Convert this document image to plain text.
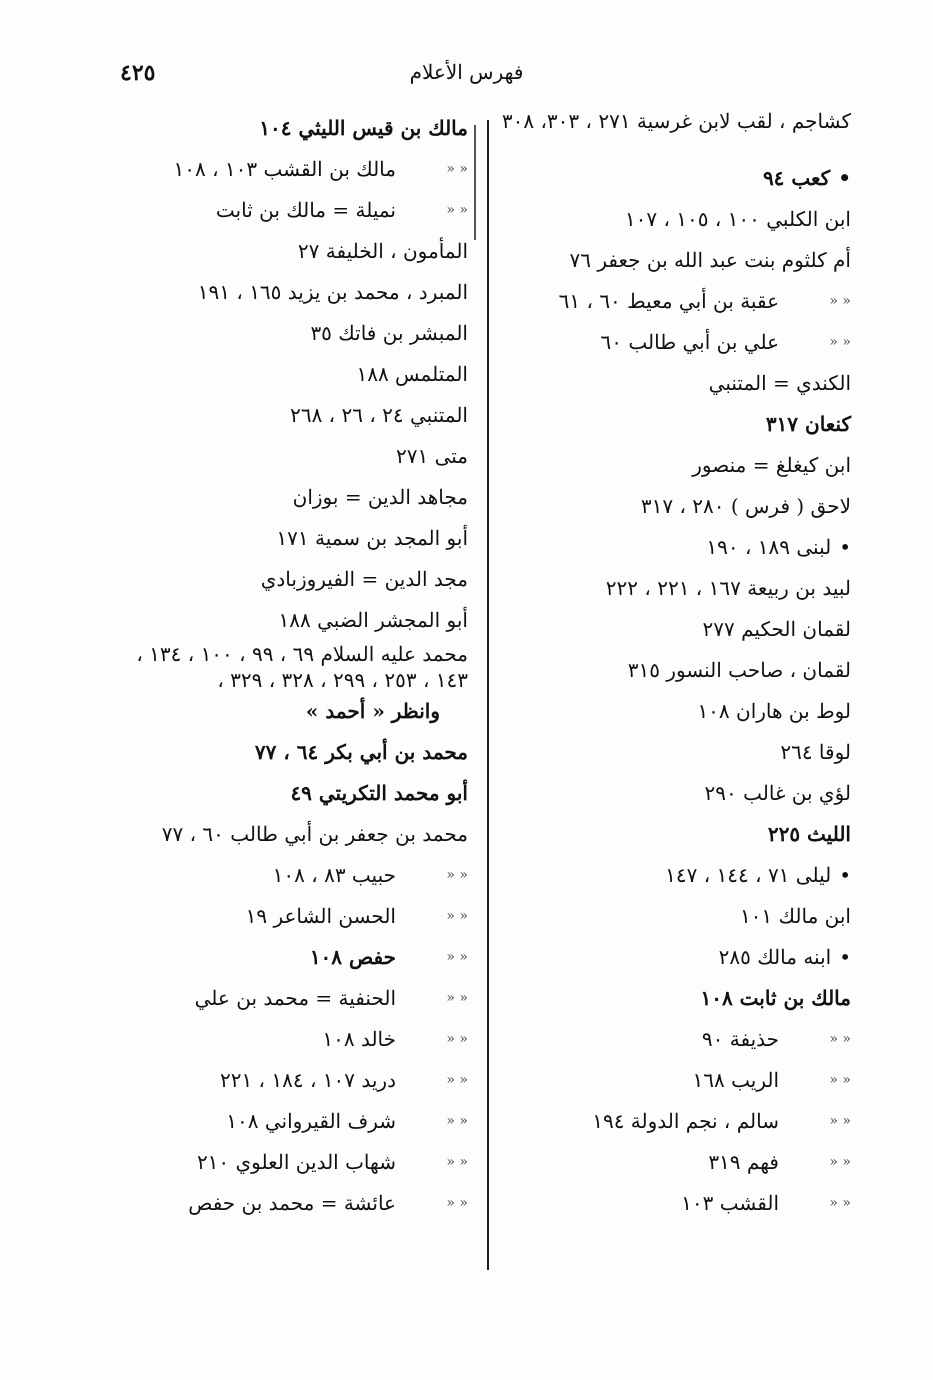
فهرس الأعلام
٤٢٥
كشاجم ، لقب لابن غرسية ٢٧١ ، ٣٠٣، ٣٠٨
• كعب ٩٤
ابن الكلبي ١٠٠ ، ١٠٥ ، ١٠٧
أم كلثوم بنت عبد الله بن جعفر ٧٦
« « عقبة بن أبي معيط ٦٠ ، ٦١
« « علي بن أبي طالب ٦٠
الكندي = المتنبي
كنعان ٣١٧
ابن كيغلغ = منصور
لاحق ( فرس ) ٢٨٠ ، ٣١٧
• لبنى ١٨٩ ، ١٩٠
لبيد بن ربيعة ١٦٧ ، ٢٢١ ، ٢٢٢
لقمان الحكيم ٢٧٧
لقمان ، صاحب النسور ٣١٥
لوط بن هاران ١٠٨
لوقا ٢٦٤
لؤي بن غالب ٢٩٠
الليث ٢٢٥
• ليلى ٧١ ، ١٤٤ ، ١٤٧
ابن مالك ١٠١
• ابنه مالك ٢٨٥
مالك بن ثابت ١٠٨
« « حذيفة ٩٠
« « الريب ١٦٨
« « سالم ، نجم الدولة ١٩٤
« « فهم ٣١٩
« « القشب ١٠٣
مالك بن قيس الليثي ١٠٤
« « مالك بن القشب ١٠٣ ، ١٠٨
« « نميلة = مالك بن ثابت
المأمون ، الخليفة ٢٧
المبرد ، محمد بن يزيد ١٦٥ ، ١٩١
المبشر بن فاتك ٣٥
المتلمس ١٨٨
المتنبي ٢٤ ، ٢٦ ، ٢٦٨
متى ٢٧١
مجاهد الدين = بوزان
أبو المجد بن سمية ١٧١
مجد الدين = الفيروزبادي
أبو المجشر الضبي ١٨٨
محمد عليه السلام ٦٩ ، ٩٩ ، ١٠٠ ، ١٣٤ ، ١٤٣ ، ٢٥٣ ، ٢٩٩ ، ٣٢٨ ، ٣٢٩ ،
وانظر « أحمد »
محمد بن أبي بكر ٦٤ ، ٧٧
أبو محمد التكريتي ٤٩
محمد بن جعفر بن أبي طالب ٦٠ ، ٧٧
« « حبيب ٨٣ ، ١٠٨
« « الحسن الشاعر ١٩
« « حفص ١٠٨
« « الحنفية = محمد بن علي
« « خالد ١٠٨
« « دريد ١٠٧ ، ١٨٤ ، ٢٢١
« « شرف القيرواني ١٠٨
« « شهاب الدين العلوي ٢١٠
« « عائشة = محمد بن حفص
